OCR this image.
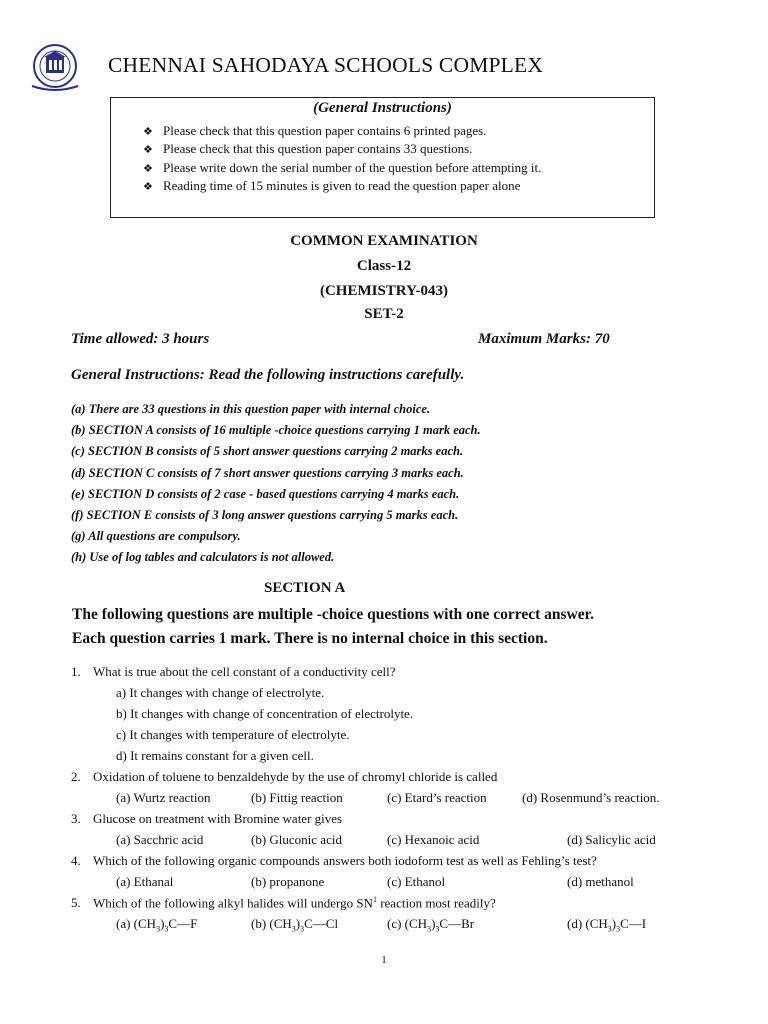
CHENNAI SAHODAYA SCHOOLS COMPLEX
(General Instructions)
❖ Please check that this question paper contains 6 printed pages.
❖ Please check that this question paper contains 33 questions.
❖ Please write down the serial number of the question before attempting it.
❖ Reading time of 15 minutes is given to read the question paper alone
COMMON EXAMINATION
Class-12
(CHEMISTRY-043)
SET-2
Time allowed: 3 hours	Maximum Marks: 70
General Instructions: Read the following instructions carefully.
(a) There are 33 questions in this question paper with internal choice.
(b) SECTION A consists of 16 multiple -choice questions carrying 1 mark each.
(c) SECTION B consists of 5 short answer questions carrying 2 marks each.
(d) SECTION C consists of 7 short answer questions carrying 3 marks each.
(e) SECTION D consists of 2 case - based questions carrying 4 marks each.
(f) SECTION E consists of 3 long answer questions carrying 5 marks each.
(g) All questions are compulsory.
(h) Use of log tables and calculators is not allowed.
SECTION A
The following questions are multiple -choice questions with one correct answer.
Each question carries 1 mark. There is no internal choice in this section.
1. What is true about the cell constant of a conductivity cell?
a) It changes with change of electrolyte.
b) It changes with change of concentration of electrolyte.
c) It changes with temperature of electrolyte.
d) It remains constant for a given cell.
2. Oxidation of toluene to benzaldehyde by the use of chromyl chloride is called
(a) Wurtz reaction	(b) Fittig reaction	(c) Etard’s reaction	(d) Rosenmund’s reaction.
3. Glucose on treatment with Bromine water gives
(a) Sacchric acid	(b) Gluconic acid	(c) Hexanoic acid	(d) Salicylic acid
4. Which of the following organic compounds answers both iodoform test as well as Fehling’s test?
(a) Ethanal	(b) propanone	(c) Ethanol	(d) methanol
5. Which of the following alkyl halides will undergo $SN^1$ reaction most readily?
(a) $(CH_3)_3C—F$	(b) $(CH_3)_3C—Cl$	(c) $(CH_3)_3C—Br$	(d) $(CH_3)_3C—I$
1
